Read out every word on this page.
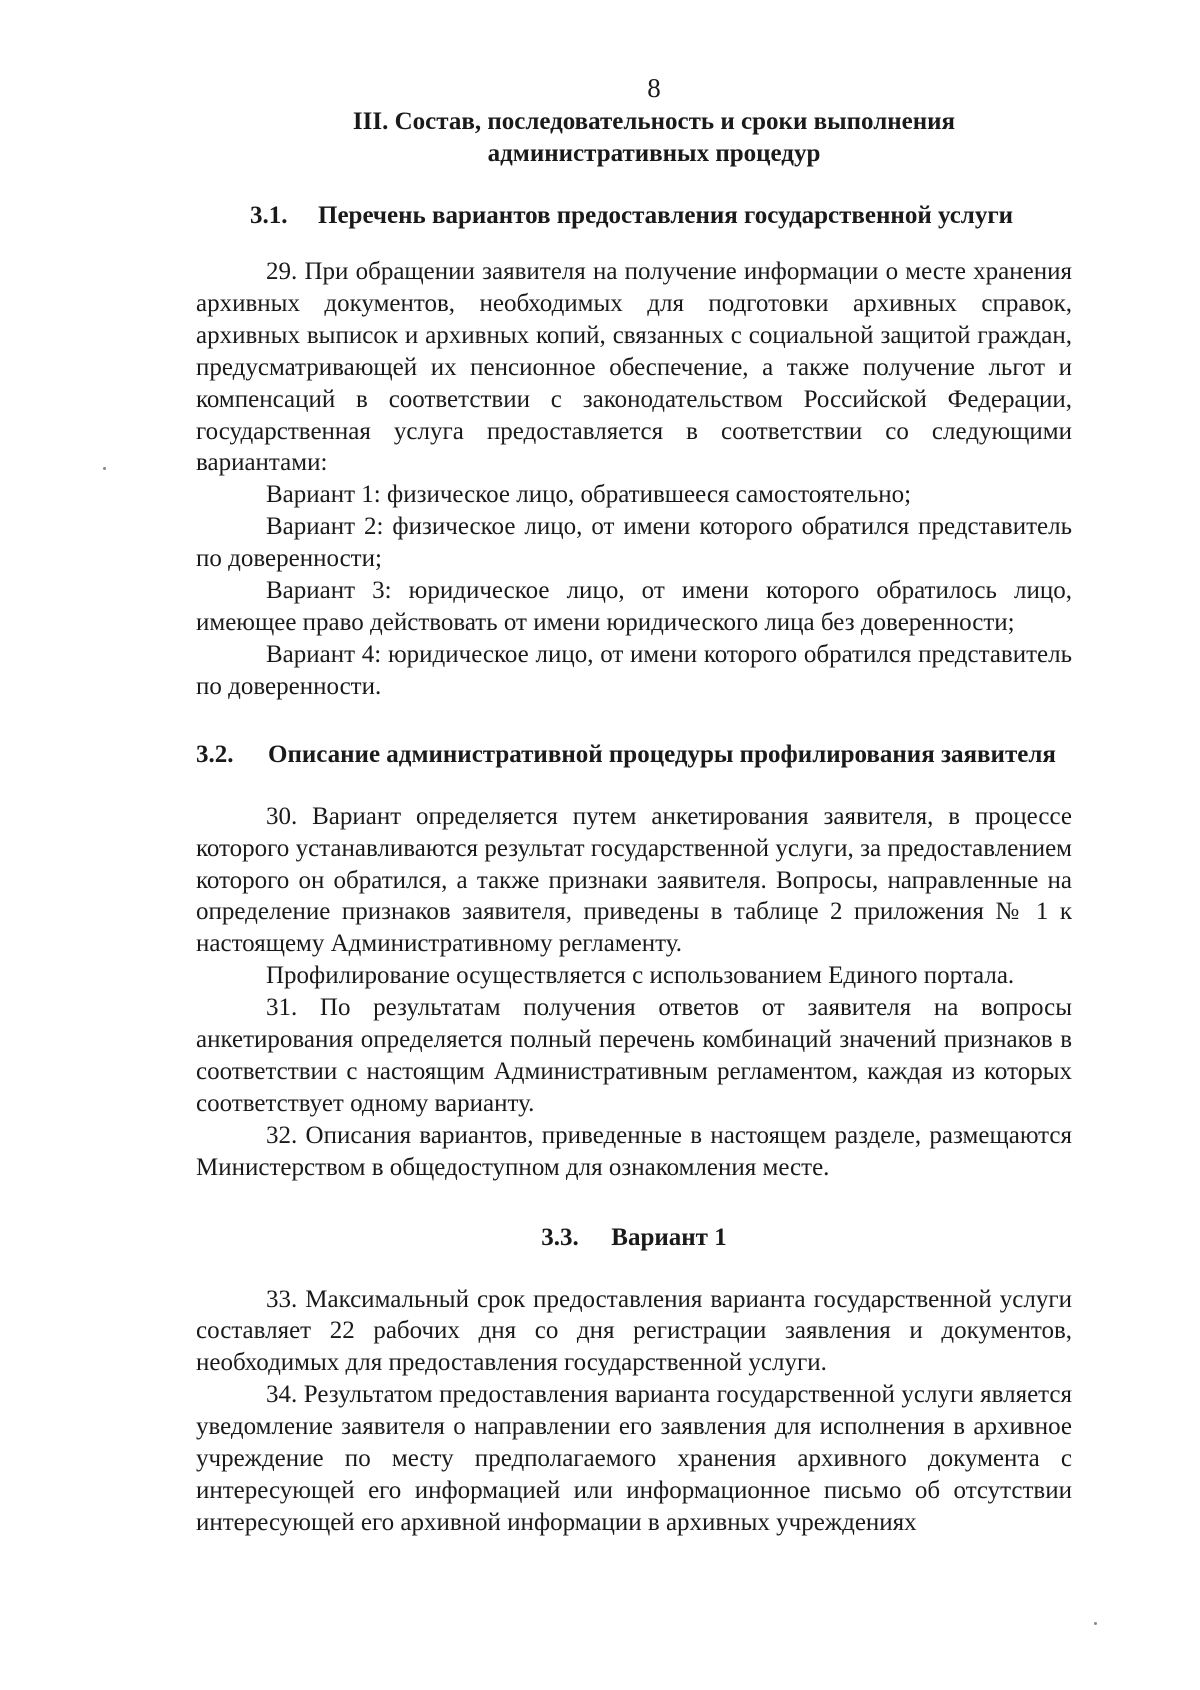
8
III. Состав, последовательность и сроки выполнения
административных процедур
3.1. Перечень вариантов предоставления государственной услуги

29. При обращении заявителя на получение информации о месте хранения архивных документов, необходимых для подготовки архивных справок, архивных выписок и архивных копий, связанных с социальной защитой граждан, предусматривающей их пенсионное обеспечение, а также получение льгот и компенсаций в соответствии с законодательством Российской Федерации, государственная услуга предоставляется в соответствии со следующими вариантами:

Вариант 1: физическое лицо, обратившееся самостоятельно;

Вариант 2: физическое лицо, от имени которого обратился представитель по доверенности;

Вариант 3: юридическое лицо, от имени которого обратилось лицо, имеющее право действовать от имени юридического лица без доверенности;

Вариант 4: юридическое лицо, от имени которого обратился представитель по доверенности.

3.2. Описание административной процедуры профилирования заявителя

30. Вариант определяется путем анкетирования заявителя, в процессе которого устанавливаются результат государственной услуги, за предоставлением которого он обратился, а также признаки заявителя. Вопросы, направленные на определение признаков заявителя, приведены в таблице 2 приложения № 1 к настоящему Административному регламенту.

Профилирование осуществляется с использованием Единого портала.

31. По результатам получения ответов от заявителя на вопросы анкетирования определяется полный перечень комбинаций значений признаков в соответствии с настоящим Административным регламентом, каждая из которых соответствует одному варианту.

32. Описания вариантов, приведенные в настоящем разделе, размещаются Министерством в общедоступном для ознакомления месте.

3.3. Вариант 1

33. Максимальный срок предоставления варианта государственной услуги составляет 22 рабочих дня со дня регистрации заявления и документов, необходимых для предоставления государственной услуги.

34. Результатом предоставления варианта государственной услуги является уведомление заявителя о направлении его заявления для исполнения в архивное учреждение по месту предполагаемого хранения архивного документа с интересующей его информацией или информационное письмо об отсутствии интересующей его архивной информации в архивных учреждениях
